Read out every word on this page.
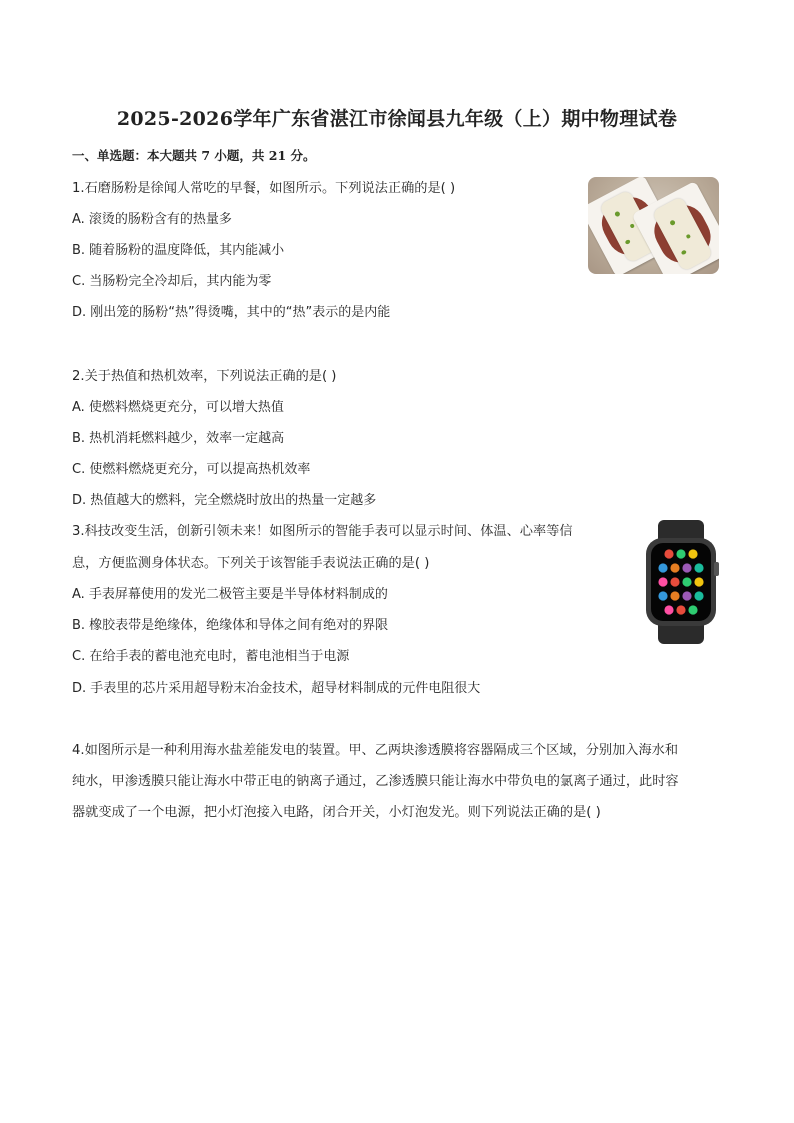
2025-2026学年广东省湛江市徐闻县九年级（上）期中物理试卷
一、单选题：本大题共 7 小题，共 21 分。
1.石磨肠粉是徐闻人常吃的早餐，如图所示。下列说法正确的是( )
A. 滚烫的肠粉含有的热量多
B. 随着肠粉的温度降低，其内能减小
C. 当肠粉完全冷却后，其内能为零
D. 刚出笼的肠粉“热”得烫嘴，其中的“热”表示的是内能
2.关于热值和热机效率，下列说法正确的是( )
A. 使燃料燃烧更充分，可以增大热值
B. 热机消耗燃料越少，效率一定越高
C. 使燃料燃烧更充分，可以提高热机效率
D. 热值越大的燃料，完全燃烧时放出的热量一定越多
3.科技改变生活，创新引领未来！如图所示的智能手表可以显示时间、体温、心率等信
息，方便监测身体状态。下列关于该智能手表说法正确的是( )
A. 手表屏幕使用的发光二极管主要是半导体材料制成的
B. 橡胶表带是绝缘体，绝缘体和导体之间有绝对的界限
C. 在给手表的蓄电池充电时，蓄电池相当于电源
D. 手表里的芯片采用超导粉末冶金技术，超导材料制成的元件电阻很大
4.如图所示是一种利用海水盐差能发电的装置。甲、乙两块渗透膜将容器隔成三个区域，分别加入海水和
纯水，甲渗透膜只能让海水中带正电的钠离子通过，乙渗透膜只能让海水中带负电的氯离子通过，此时容
器就变成了一个电源，把小灯泡接入电路，闭合开关，小灯泡发光。则下列说法正确的是( )
